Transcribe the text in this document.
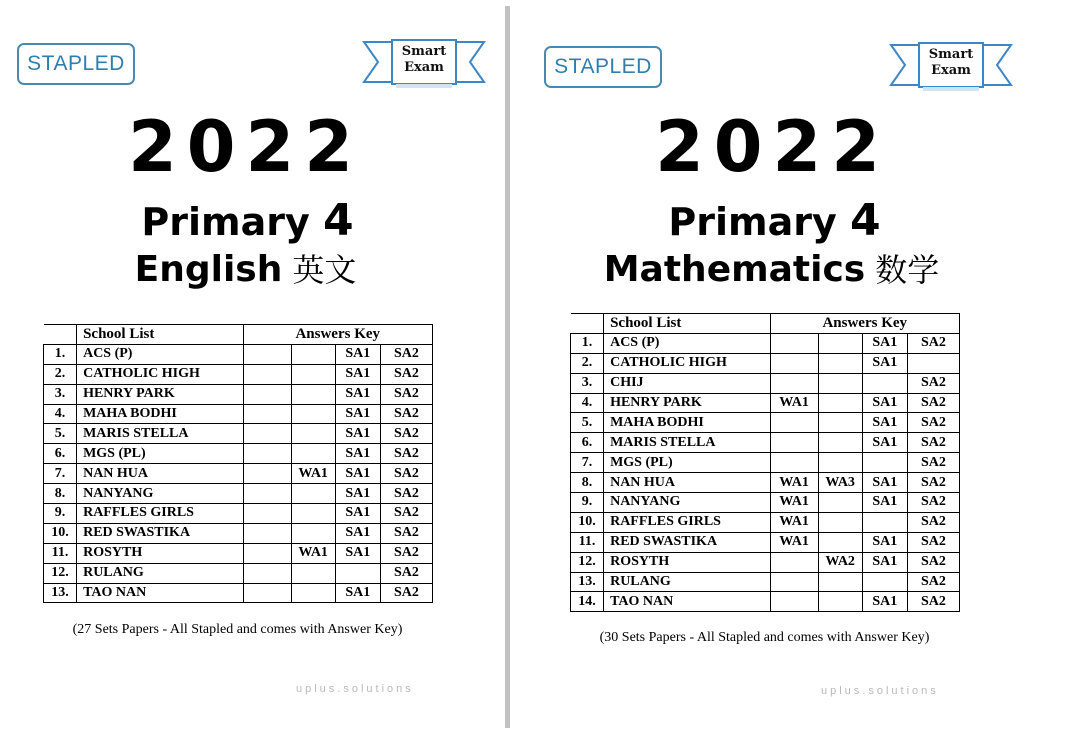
STAPLED
Smart
Exam
2022
Primary 4
English 英文
	School List	Answers Key			
1.	ACS (P)			SA1	SA2
2.	CATHOLIC HIGH			SA1	SA2
3.	HENRY PARK			SA1	SA2
4.	MAHA BODHI			SA1	SA2
5.	MARIS STELLA			SA1	SA2
6.	MGS (PL)			SA1	SA2
7.	NAN HUA		WA1	SA1	SA2
8.	NANYANG			SA1	SA2
9.	RAFFLES GIRLS			SA1	SA2
10.	RED SWASTIKA			SA1	SA2
11.	ROSYTH		WA1	SA1	SA2
12.	RULANG				SA2
13.	TAO NAN			SA1	SA2
(27 Sets Papers - All Stapled and comes with Answer Key)
uplus.solutions
STAPLED
Smart
Exam
2022
Primary 4
Mathematics 数学
	School List	Answers Key			
1.	ACS (P)			SA1	SA2
2.	CATHOLIC HIGH			SA1	
3.	CHIJ				SA2
4.	HENRY PARK	WA1		SA1	SA2
5.	MAHA BODHI			SA1	SA2
6.	MARIS STELLA			SA1	SA2
7.	MGS (PL)				SA2
8.	NAN HUA	WA1	WA3	SA1	SA2
9.	NANYANG	WA1		SA1	SA2
10.	RAFFLES GIRLS	WA1			SA2
11.	RED SWASTIKA	WA1		SA1	SA2
12.	ROSYTH		WA2	SA1	SA2
13.	RULANG				SA2
14.	TAO NAN			SA1	SA2
(30 Sets Papers - All Stapled and comes with Answer Key)
uplus.solutions
